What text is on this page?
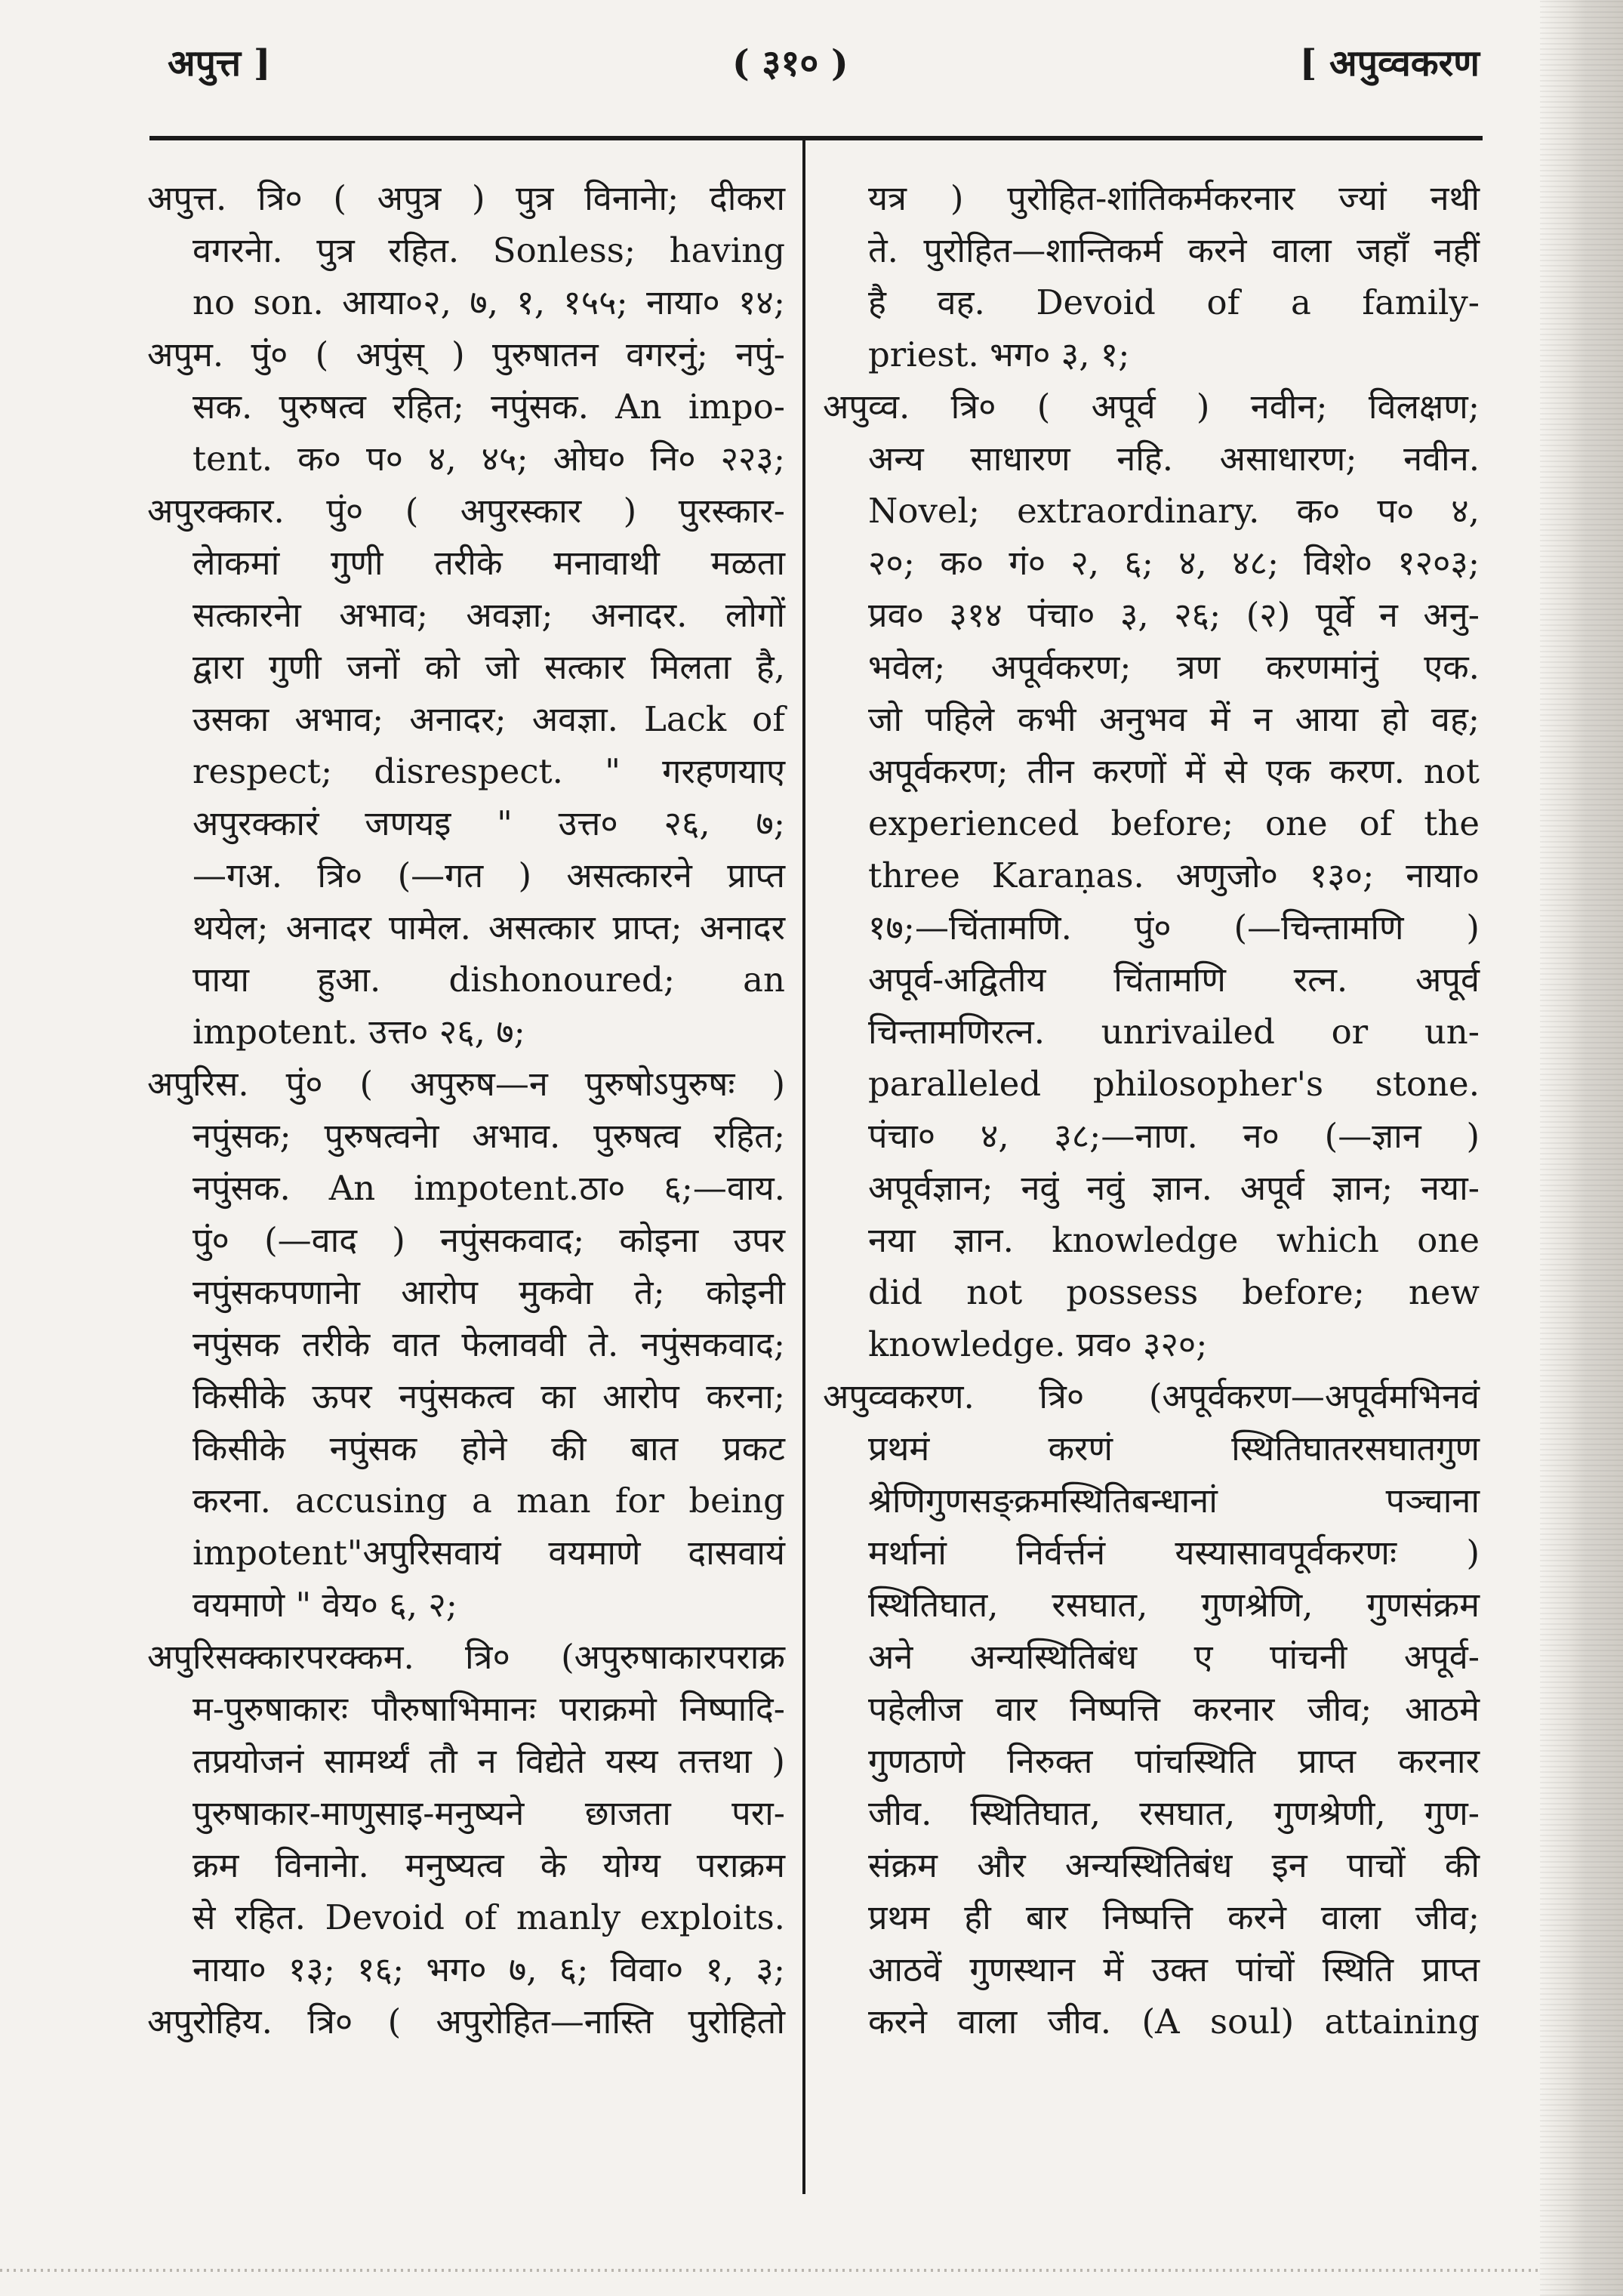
अपुत्त ]	( ३१० )	[ अपुव्वकरण
अपुत्त. त्रि० ( अपुत्र ) पुत्र विनानेा; दीकरा
वगरनेा. पुत्र रहित. Sonless; having
no son. आया०२, ७, १, १५५; नाया० १४;
अपुम. पुं० ( अपुंस् ) पुरुषातन वगरनुं; नपुं-
सक. पुरुषत्व रहित; नपुंसक. An impo-
tent. क० प० ४, ४५; ओघ० नि० २२३;
अपुरक्कार. पुं० ( अपुरस्कार ) पुरस्कार-
लेाकमां गुणी तरीके मनावाथी मळता
सत्कारनेा अभाव; अवज्ञा; अनादर. लोगों
द्वारा गुणी जनों को जो सत्कार मिलता है,
उसका अभाव; अनादर; अवज्ञा. Lack of
respect; disrespect. " गरहणयाए
अपुरक्कारं जणयइ " उत्त० २६, ७;
—गअ. त्रि० (—गत ) असत्कारने प्राप्त
थयेल; अनादर पामेल. असत्कार प्राप्त; अनादर
पाया हुआ. dishonoured; an
impotent. उत्त० २६, ७;
अपुरिस. पुं० ( अपुरुष—न पुरुषोऽपुरुषः )
नपुंसक; पुरुषत्वनेा अभाव. पुरुषत्व रहित;
नपुंसक. An impotent.ठा० ६;—वाय.
पुं० (—वाद ) नपुंसकवाद; कोइना उपर
नपुंसकपणानेा आरोप मुकवेा ते; कोइनी
नपुंसक तरीके वात फेलाववी ते. नपुंसकवाद;
किसीके ऊपर नपुंसकत्व का आरोप करना;
किसीके नपुंसक होने की बात प्रकट
करना. accusing a man for being
impotent"अपुरिसवायं वयमाणे दासवायं
वयमाणे " वेय० ६, २;
अपुरिसक्कारपरक्कम. त्रि० (अपुरुषाकारपराक्र
म-पुरुषाकारः पौरुषाभिमानः पराक्रमो निष्पादि-
तप्रयोजनं सामर्थ्यं तौ न विद्येते यस्य तत्तथा )
पुरुषाकार-माणुसाइ-मनुष्यने छाजता परा-
क्रम विनानेा. मनुष्यत्व के योग्य पराक्रम
से रहित. Devoid of manly exploits.
नाया० १३; १६; भग० ७, ६; विवा० १, ३;
अपुरोहिय. त्रि० ( अपुरोहित—नास्ति पुरोहितो
यत्र ) पुरोहित-शांतिकर्मकरनार ज्यां नथी
ते. पुरोहित—शान्तिकर्म करने वाला जहाँ नहीं
है वह. Devoid of a family-
priest. भग० ३, १;
अपुव्व. त्रि० ( अपूर्व ) नवीन; विलक्षण;
अन्य साधारण नहि. असाधारण; नवीन.
Novel; extraordinary. क० प० ४,
२०; क० गं० २, ६; ४, ४८; विशे० १२०३;
प्रव० ३१४ पंचा० ३, २६; (२) पूर्वे न अनु-
भवेल; अपूर्वकरण; त्रण करणमांनुं एक.
जो पहिले कभी अनुभव में न आया हो वह;
अपूर्वकरण; तीन करणों में से एक करण. not
experienced before; one of the
three Karaṇas. अणुजो० १३०; नाया०
१७;—चिंतामणि. पुं० (—चिन्तामणि )
अपूर्व-अद्वितीय चिंतामणि रत्न. अपूर्व
चिन्तामणिरत्न. unrivailed or un-
paralleled philosopher's stone.
पंचा० ४, ३८;—नाण. न० (—ज्ञान )
अपूर्वज्ञान; नवुं नवुं ज्ञान. अपूर्व ज्ञान; नया-
नया ज्ञान. knowledge which one
did not possess before; new
knowledge. प्रव० ३२०;
अपुव्वकरण. त्रि० (अपूर्वकरण—अपूर्वमभिनवं
प्रथमं करणं स्थितिघातरसघातगुण
श्रेणिगुणसङ्क्रमस्थितिबन्धानां पञ्चाना
मर्थानां निर्वर्त्तनं यस्यासावपूर्वकरणः )
स्थितिघात, रसघात, गुणश्रेणि, गुणसंक्रम
अने अन्यस्थितिबंध ए पांचनी अपूर्व-
पहेलीज वार निष्पत्ति करनार जीव; आठमे
गुणठाणे निरुक्त पांचस्थिति प्राप्त करनार
जीव. स्थितिघात, रसघात, गुणश्रेणी, गुण-
संक्रम और अन्यस्थितिबंध इन पाचों की
प्रथम ही बार निष्पत्ति करने वाला जीव;
आठवें गुणस्थान में उक्त पांचों स्थिति प्राप्त
करने वाला जीव. (A soul) attaining
